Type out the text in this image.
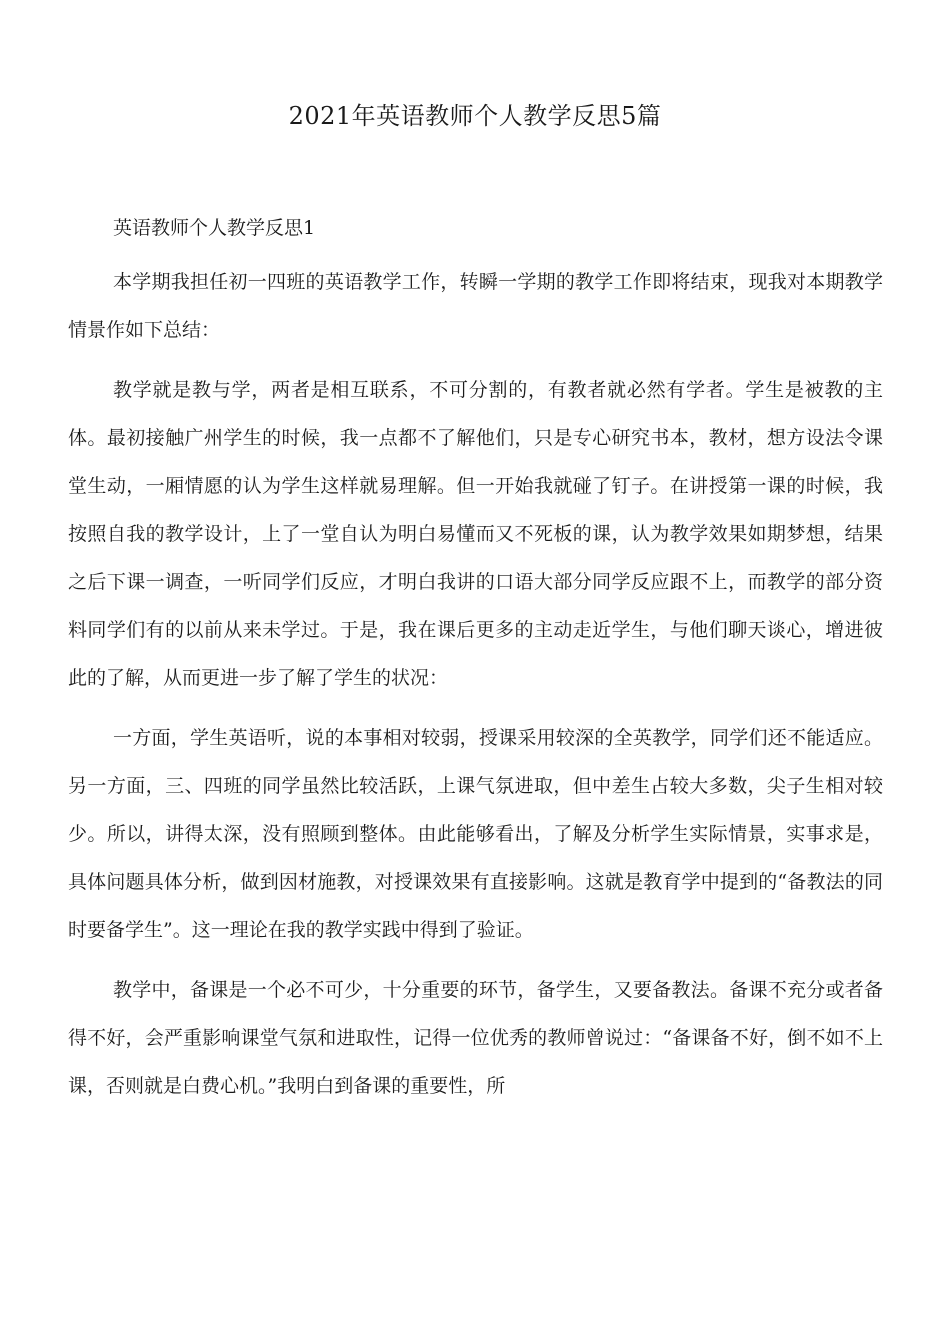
2021年英语教师个人教学反思5篇

英语教师个人教学反思1

本学期我担任初一四班的英语教学工作，转瞬一学期的教学工作即将结束，现我对本期教学情景作如下总结：

教学就是教与学，两者是相互联系，不可分割的，有教者就必然有学者。学生是被教的主体。最初接触广州学生的时候，我一点都不了解他们，只是专心研究书本，教材，想方设法令课堂生动，一厢情愿的认为学生这样就易理解。但一开始我就碰了钉子。在讲授第一课的时候，我按照自我的教学设计，上了一堂自认为明白易懂而又不死板的课，认为教学效果如期梦想，结果之后下课一调查，一听同学们反应，才明白我讲的口语大部分同学反应跟不上，而教学的部分资料同学们有的以前从来未学过。于是，我在课后更多的主动走近学生，与他们聊天谈心，增进彼此的了解，从而更进一步了解了学生的状况：

一方面，学生英语听，说的本事相对较弱，授课采用较深的全英教学，同学们还不能适应。另一方面，三、四班的同学虽然比较活跃，上课气氛进取，但中差生占较大多数，尖子生相对较少。所以，讲得太深，没有照顾到整体。由此能够看出，了解及分析学生实际情景，实事求是，具体问题具体分析，做到因材施教，对授课效果有直接影响。这就是教育学中提到的“备教法的同时要备学生”。这一理论在我的教学实践中得到了验证。

教学中，备课是一个必不可少，十分重要的环节，备学生，又要备教法。备课不充分或者备得不好，会严重影响课堂气氛和进取性，记得一位优秀的教师曾说过：“备课备不好，倒不如不上课，否则就是白费心机。”我明白到备课的重要性，所
